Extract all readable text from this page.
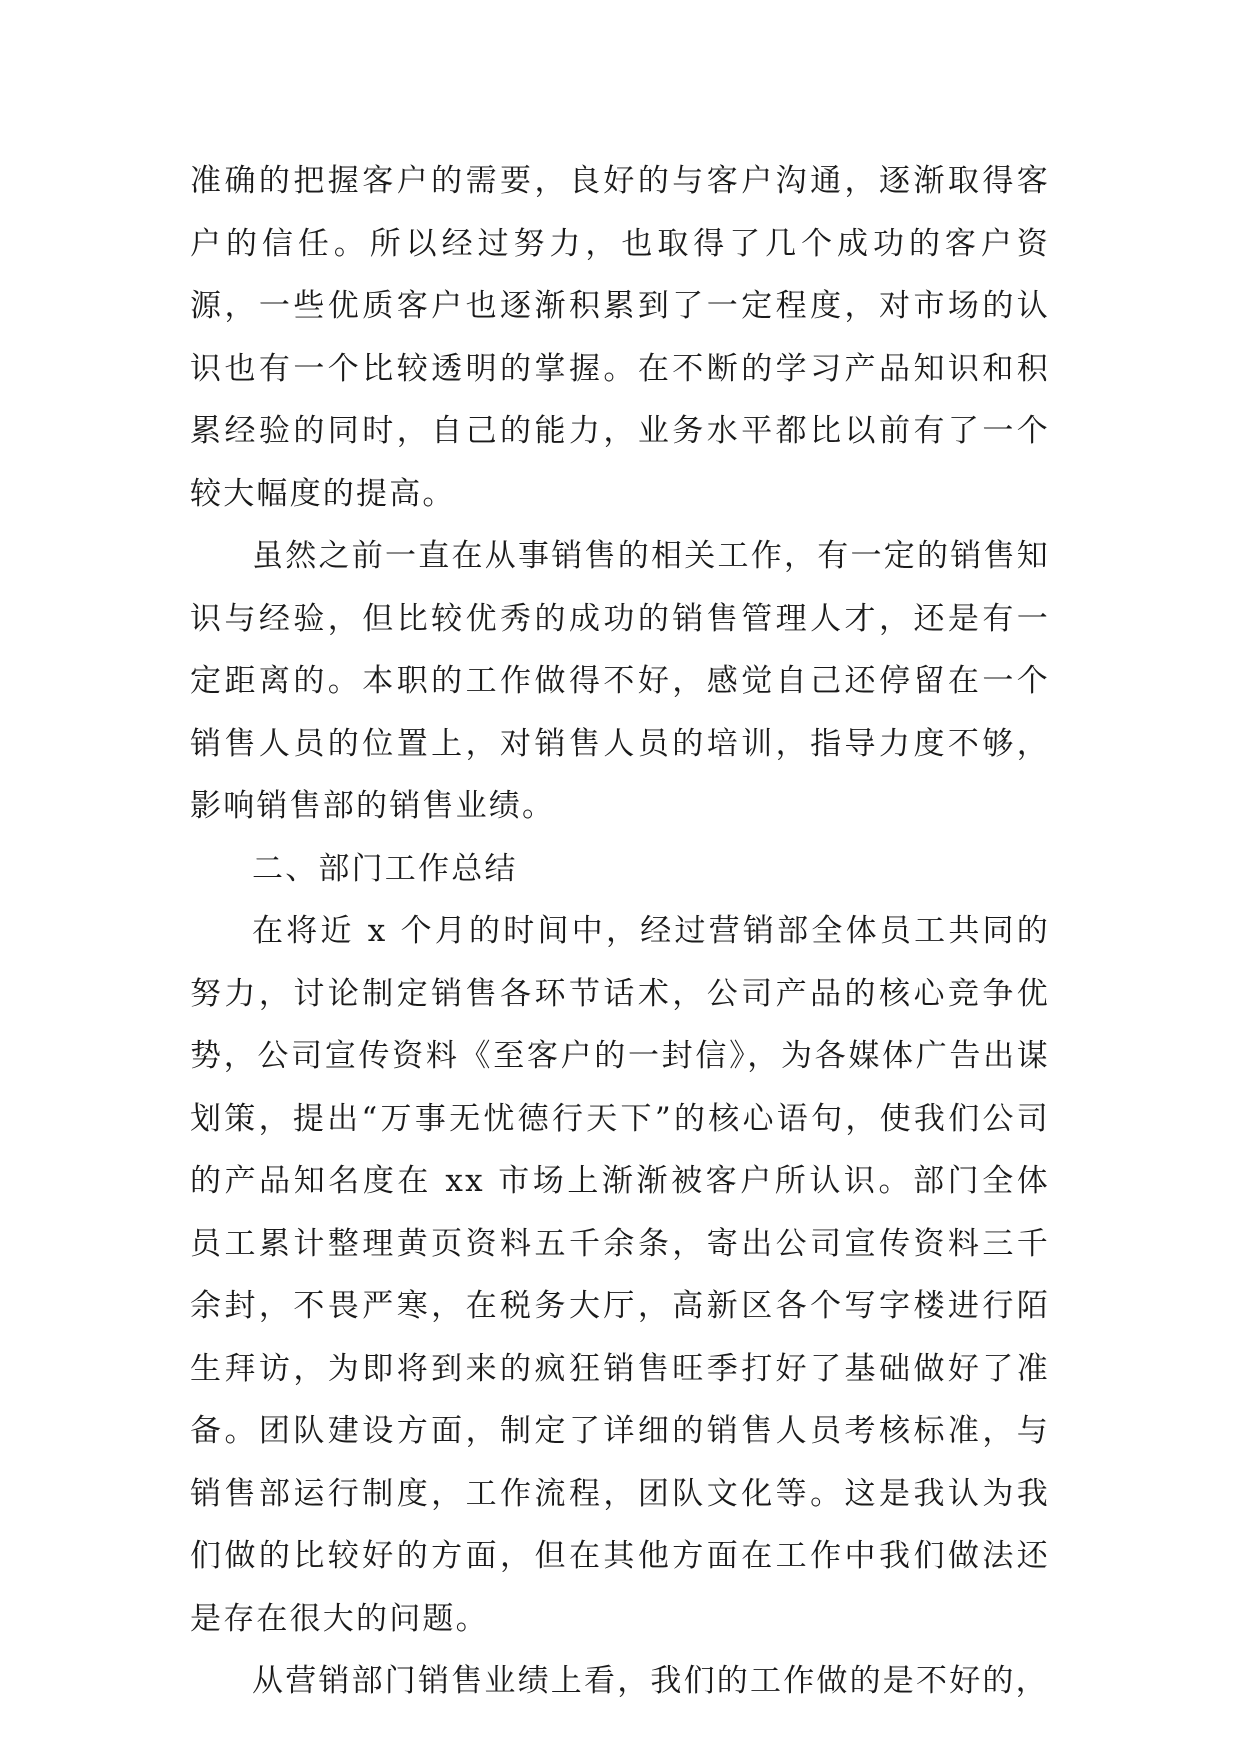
准确的把握客户的需要，良好的与客户沟通，逐渐取得客户的信任。所以经过努力，也取得了几个成功的客户资源，一些优质客户也逐渐积累到了一定程度，对市场的认识也有一个比较透明的掌握。在不断的学习产品知识和积累经验的同时，自己的能力，业务水平都比以前有了一个较大幅度的提高。

虽然之前一直在从事销售的相关工作，有一定的销售知识与经验，但比较优秀的成功的销售管理人才，还是有一定距离的。本职的工作做得不好，感觉自己还停留在一个销售人员的位置上，对销售人员的培训，指导力度不够，影响销售部的销售业绩。

二、部门工作总结

在将近 x 个月的时间中，经过营销部全体员工共同的努力，讨论制定销售各环节话术，公司产品的核心竞争优势，公司宣传资料《至客户的一封信》，为各媒体广告出谋划策，提出“万事无忧德行天下”的核心语句，使我们公司的产品知名度在 xx 市场上渐渐被客户所认识。部门全体员工累计整理黄页资料五千余条，寄出公司宣传资料三千余封，不畏严寒，在税务大厅，高新区各个写字楼进行陌生拜访，为即将到来的疯狂销售旺季打好了基础做好了准备。团队建设方面，制定了详细的销售人员考核标准，与销售部运行制度，工作流程，团队文化等。这是我认为我们做的比较好的方面，但在其他方面在工作中我们做法还是存在很大的问题。

从营销部门销售业绩上看，我们的工作做的是不好的，
